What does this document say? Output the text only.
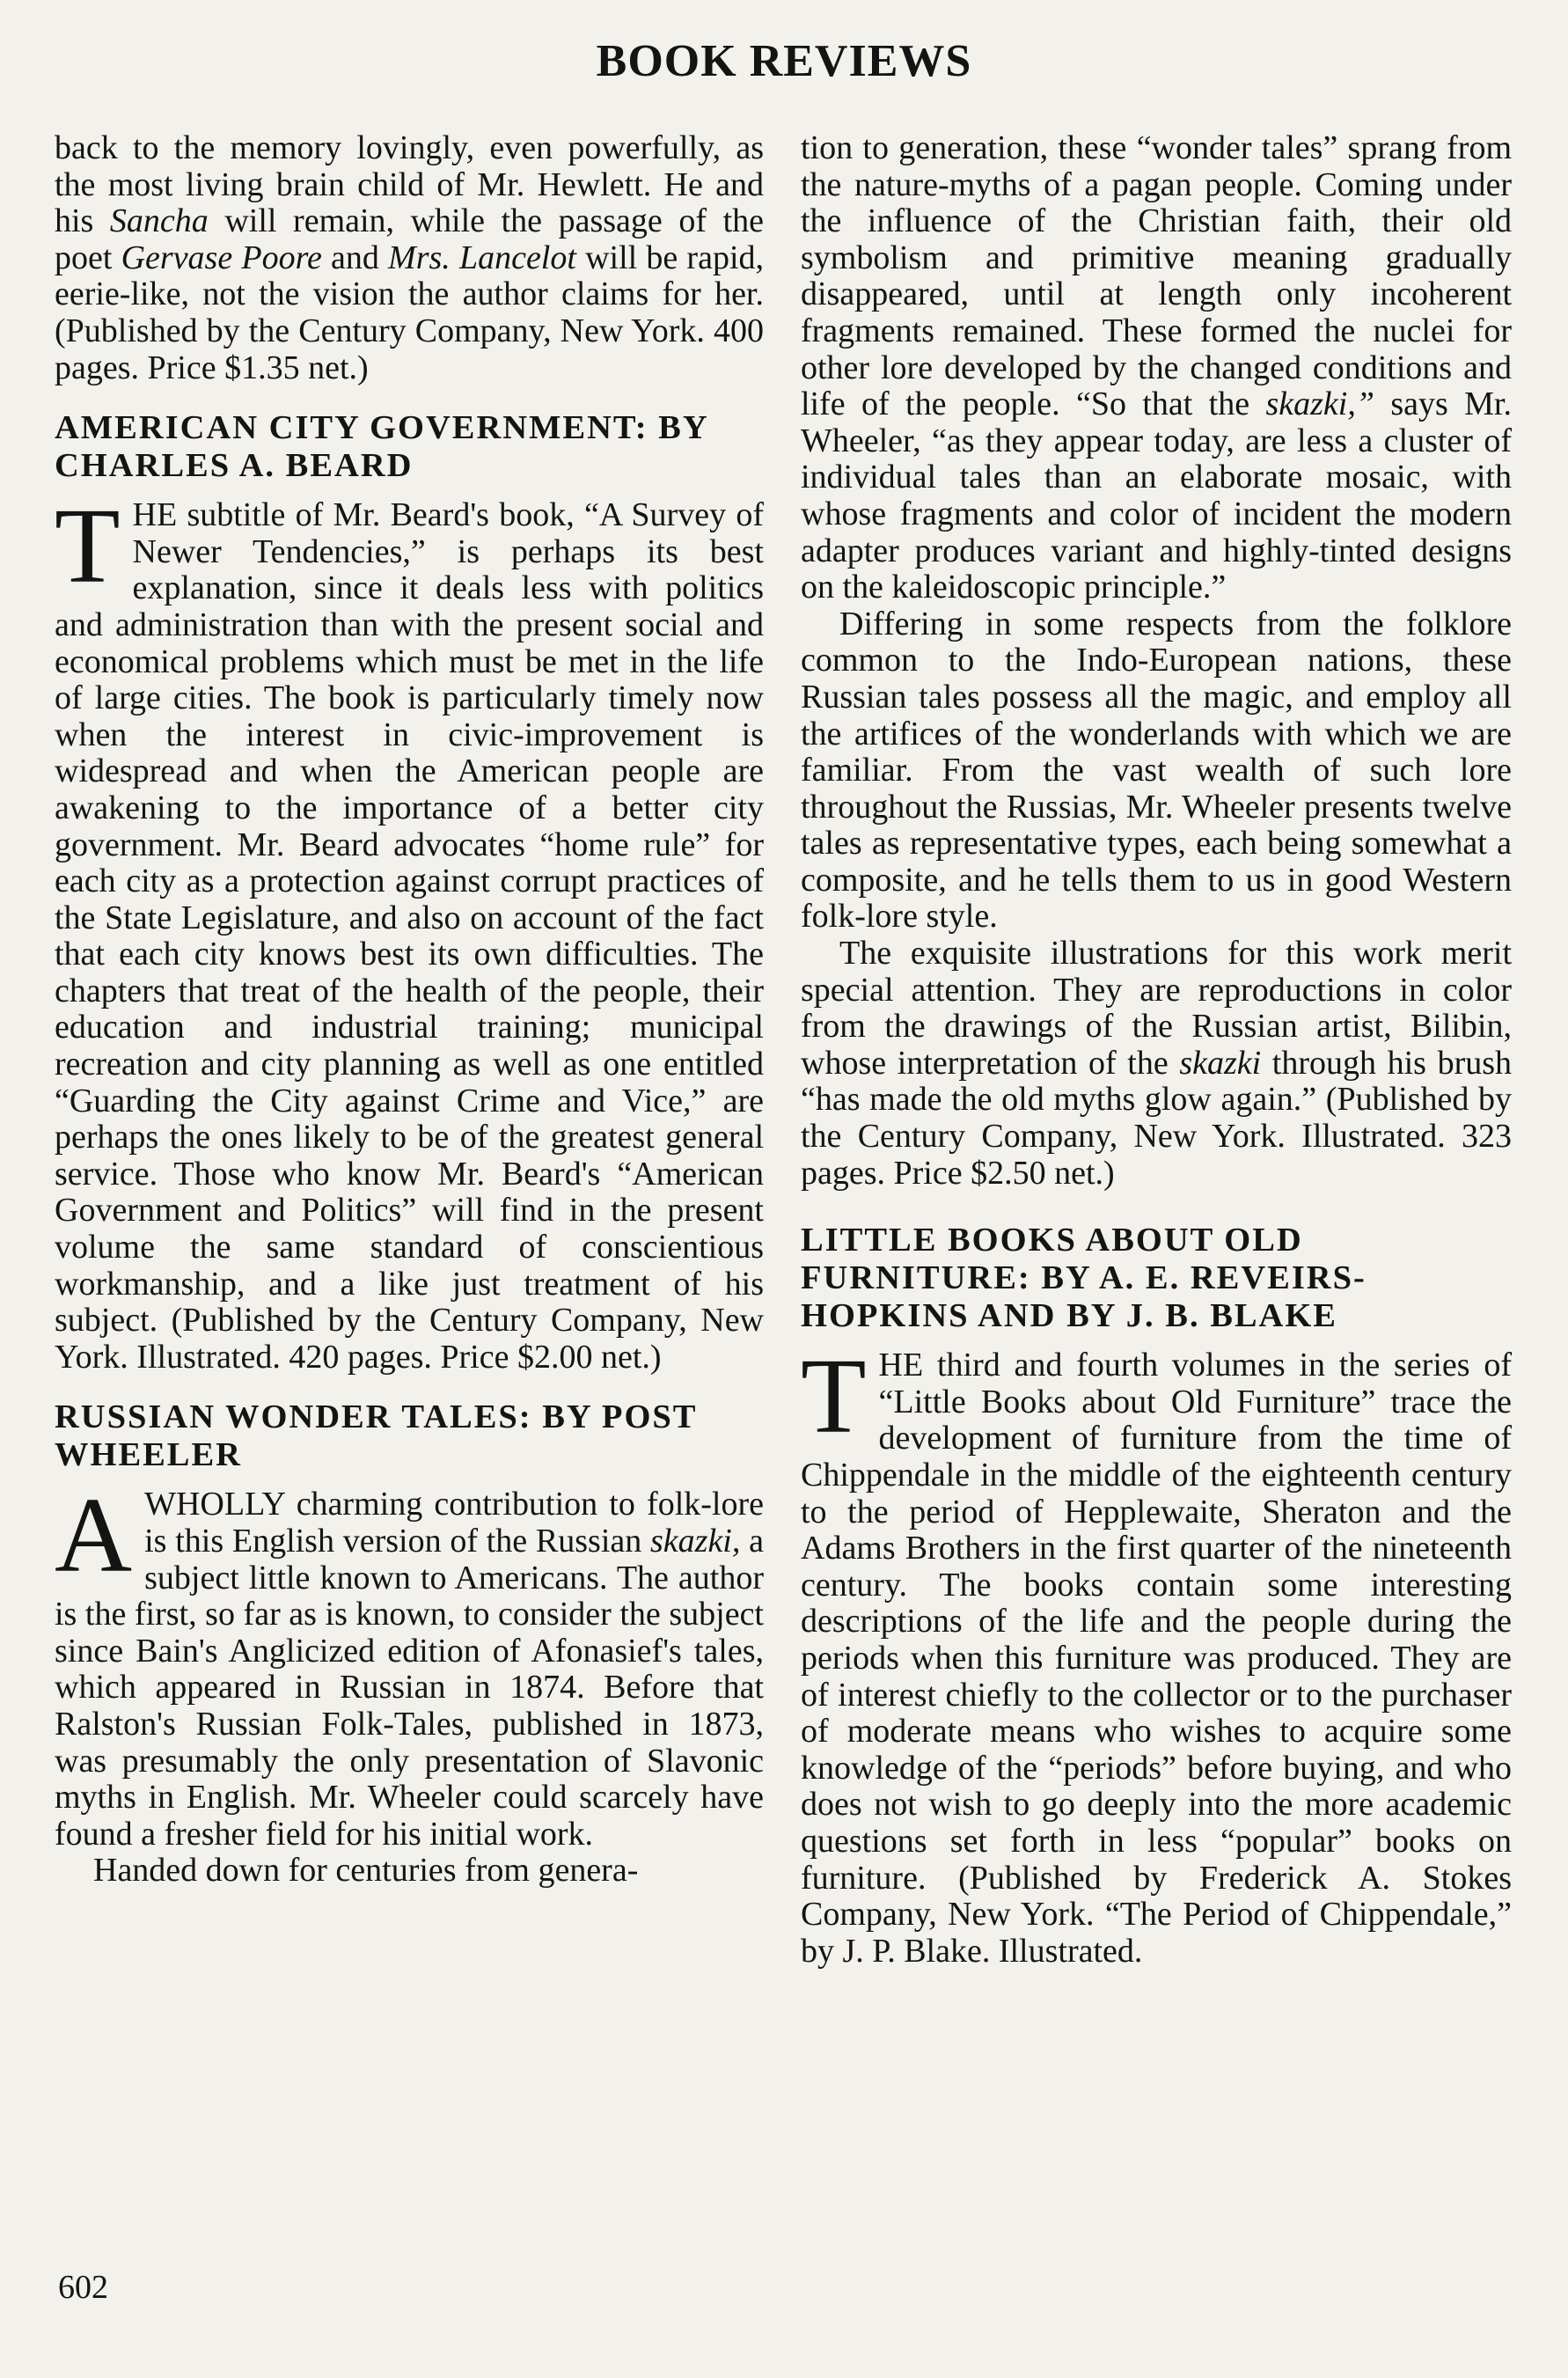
BOOK REVIEWS

back to the memory lovingly, even powerfully, as the most living brain child of Mr. Hewlett. He and his Sancha will remain, while the passage of the poet Gervase Poore and Mrs. Lancelot will be rapid, eerie-like, not the vision the author claims for her. (Published by the Century Company, New York. 400 pages. Price $1.35 net.)

AMERICAN CITY GOVERNMENT: BY CHARLES A. BEARD

THE subtitle of Mr. Beard's book, “A Survey of Newer Tendencies,” is perhaps its best explanation, since it deals less with politics and administration than with the present social and economical problems which must be met in the life of large cities. The book is particularly timely now when the interest in civic-improvement is widespread and when the American people are awakening to the importance of a better city government. Mr. Beard advocates “home rule” for each city as a protection against corrupt practices of the State Legislature, and also on account of the fact that each city knows best its own difficulties. The chapters that treat of the health of the people, their education and industrial training; municipal recreation and city planning as well as one entitled “Guarding the City against Crime and Vice,” are perhaps the ones likely to be of the greatest general service. Those who know Mr. Beard's “American Government and Politics” will find in the present volume the same standard of conscientious workmanship, and a like just treatment of his subject. (Published by the Century Company, New York. Illustrated. 420 pages. Price $2.00 net.)

RUSSIAN WONDER TALES: BY POST WHEELER

A WHOLLY charming contribution to folk-lore is this English version of the Russian skazki, a subject little known to Americans. The author is the first, so far as is known, to consider the subject since Bain's Anglicized edition of Afonasief's tales, which appeared in Russian in 1874. Before that Ralston's Russian Folk-Tales, published in 1873, was presumably the only presentation of Slavonic myths in English. Mr. Wheeler could scarcely have found a fresher field for his initial work.

Handed down for centuries from genera-

tion to generation, these “wonder tales” sprang from the nature-myths of a pagan people. Coming under the influence of the Christian faith, their old symbolism and primitive meaning gradually disappeared, until at length only incoherent fragments remained. These formed the nuclei for other lore developed by the changed conditions and life of the people. “So that the skazki,” says Mr. Wheeler, “as they appear today, are less a cluster of individual tales than an elaborate mosaic, with whose fragments and color of incident the modern adapter produces variant and highly-tinted designs on the kaleidoscopic principle.”

Differing in some respects from the folklore common to the Indo-European nations, these Russian tales possess all the magic, and employ all the artifices of the wonderlands with which we are familiar. From the vast wealth of such lore throughout the Russias, Mr. Wheeler presents twelve tales as representative types, each being somewhat a composite, and he tells them to us in good Western folk-lore style.

The exquisite illustrations for this work merit special attention. They are reproductions in color from the drawings of the Russian artist, Bilibin, whose interpretation of the skazki through his brush “has made the old myths glow again.” (Published by the Century Company, New York. Illustrated. 323 pages. Price $2.50 net.)

LITTLE BOOKS ABOUT OLD FURNITURE: BY A. E. REVEIRS-HOPKINS AND BY J. B. BLAKE

THE third and fourth volumes in the series of “Little Books about Old Furniture” trace the development of furniture from the time of Chippendale in the middle of the eighteenth century to the period of Hepplewaite, Sheraton and the Adams Brothers in the first quarter of the nineteenth century. The books contain some interesting descriptions of the life and the people during the periods when this furniture was produced. They are of interest chiefly to the collector or to the purchaser of moderate means who wishes to acquire some knowledge of the “periods” before buying, and who does not wish to go deeply into the more academic questions set forth in less “popular” books on furniture. (Published by Frederick A. Stokes Company, New York. “The Period of Chippendale,” by J. P. Blake. Illustrated.

602
